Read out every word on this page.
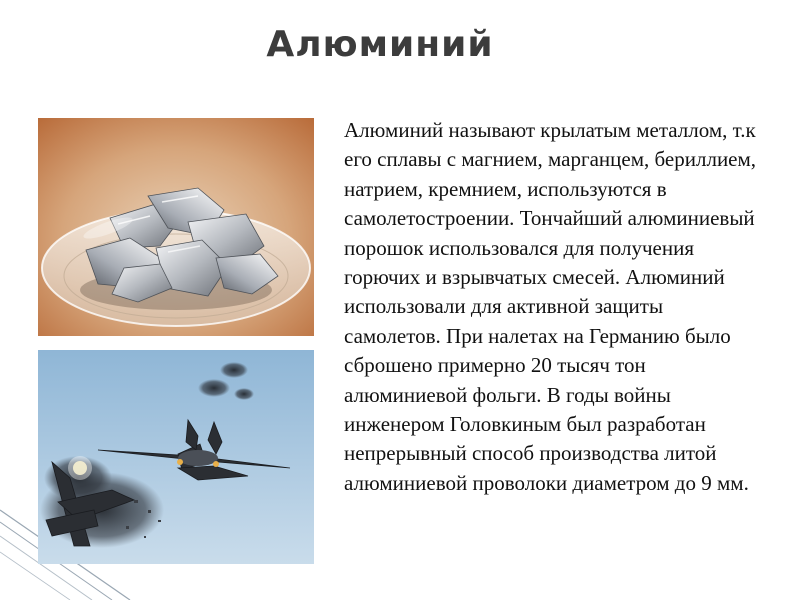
Алюминий

Алюминий называют крылатым металлом, т.к его сплавы с магнием, марганцем, бериллием, натрием, кремнием, используются в самолетостроении. Тончайший алюминиевый порошок использовался для получения горючих и взрывчатых смесей. Алюминий использовали для активной защиты самолетов. При налетах на Германию было сброшено примерно 20 тысяч тон алюминиевой фольги. В годы войны инженером Головкиным был разработан непрерывный способ производства литой алюминиевой проволоки диаметром до 9 мм.
